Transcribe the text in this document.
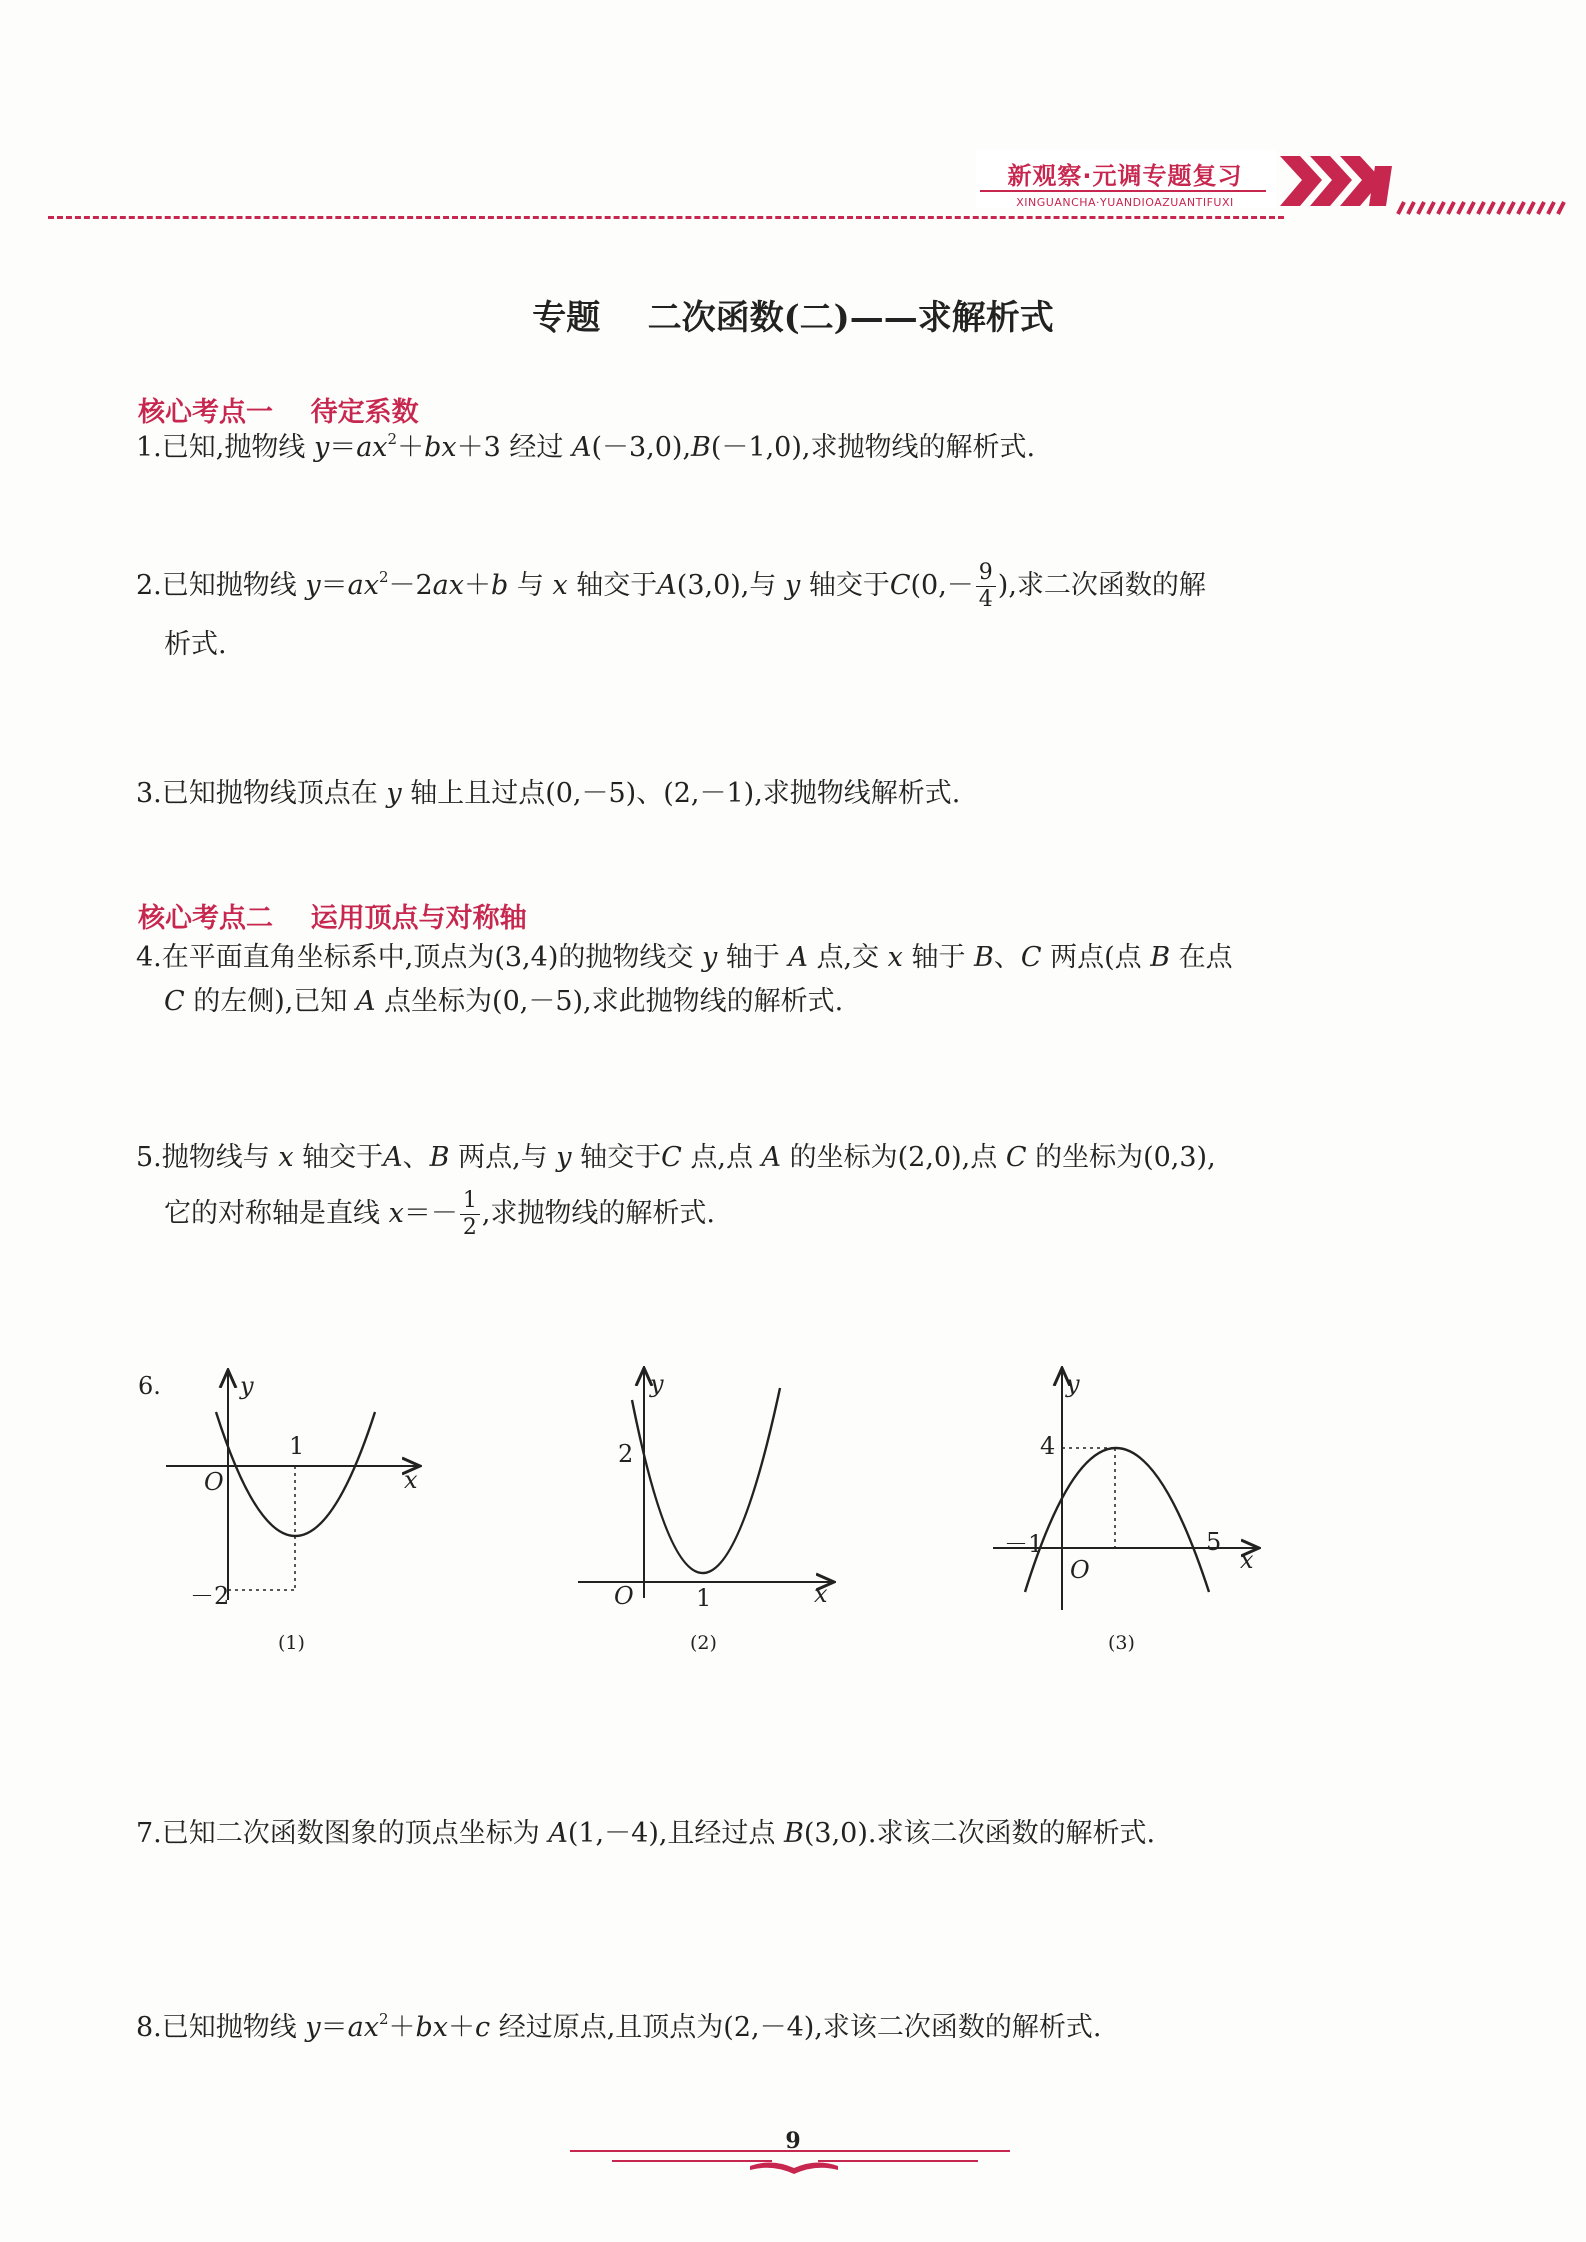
新观察·元调专题复习
XINGUANCHA·YUANDIOAZUANTIFUXI
专题    二次函数(二)——求解析式
核心考点一    待定系数
1.已知,抛物线 $y=ax^2+bx+3$ 经过 A(－3,0),B(－1,0),求抛物线的解析式.
2.已知抛物线 $y=ax^2-2ax+b$ 与 x 轴交于A(3,0),与 y 轴交于$C(0,- \frac{9}{4}$ ),求二次函数的解
析式.
3.已知抛物线顶点在 y 轴上且过点(0,－5)、(2,－1),求抛物线解析式.
核心考点二    运用顶点与对称轴
4.在平面直角坐标系中,顶点为(3,4)的抛物线交 y 轴于 A 点,交 x 轴于 B、C 两点(点 B 在点
C 的左侧),已知 A 点坐标为(0,－5),求此抛物线的解析式.
5.抛物线与 x 轴交于A、B 两点,与 y 轴交于C 点,点 A 的坐标为(2,0),点 C 的坐标为(0,3),
它的对称轴是直线 $x=- \frac{1}{2}$ ,求抛物线的解析式.
6.	y
x
O
1
－2
(1)
y
x
O
2
1
(2)
y
x
O
4
－1	5
(3)
7.已知二次函数图象的顶点坐标为 A(1,－4),且经过点 B(3,0).求该二次函数的解析式.
8.已知抛物线 $y=ax^2+bx+c$ 经过原点,且顶点为(2,－4),求该二次函数的解析式.
9
